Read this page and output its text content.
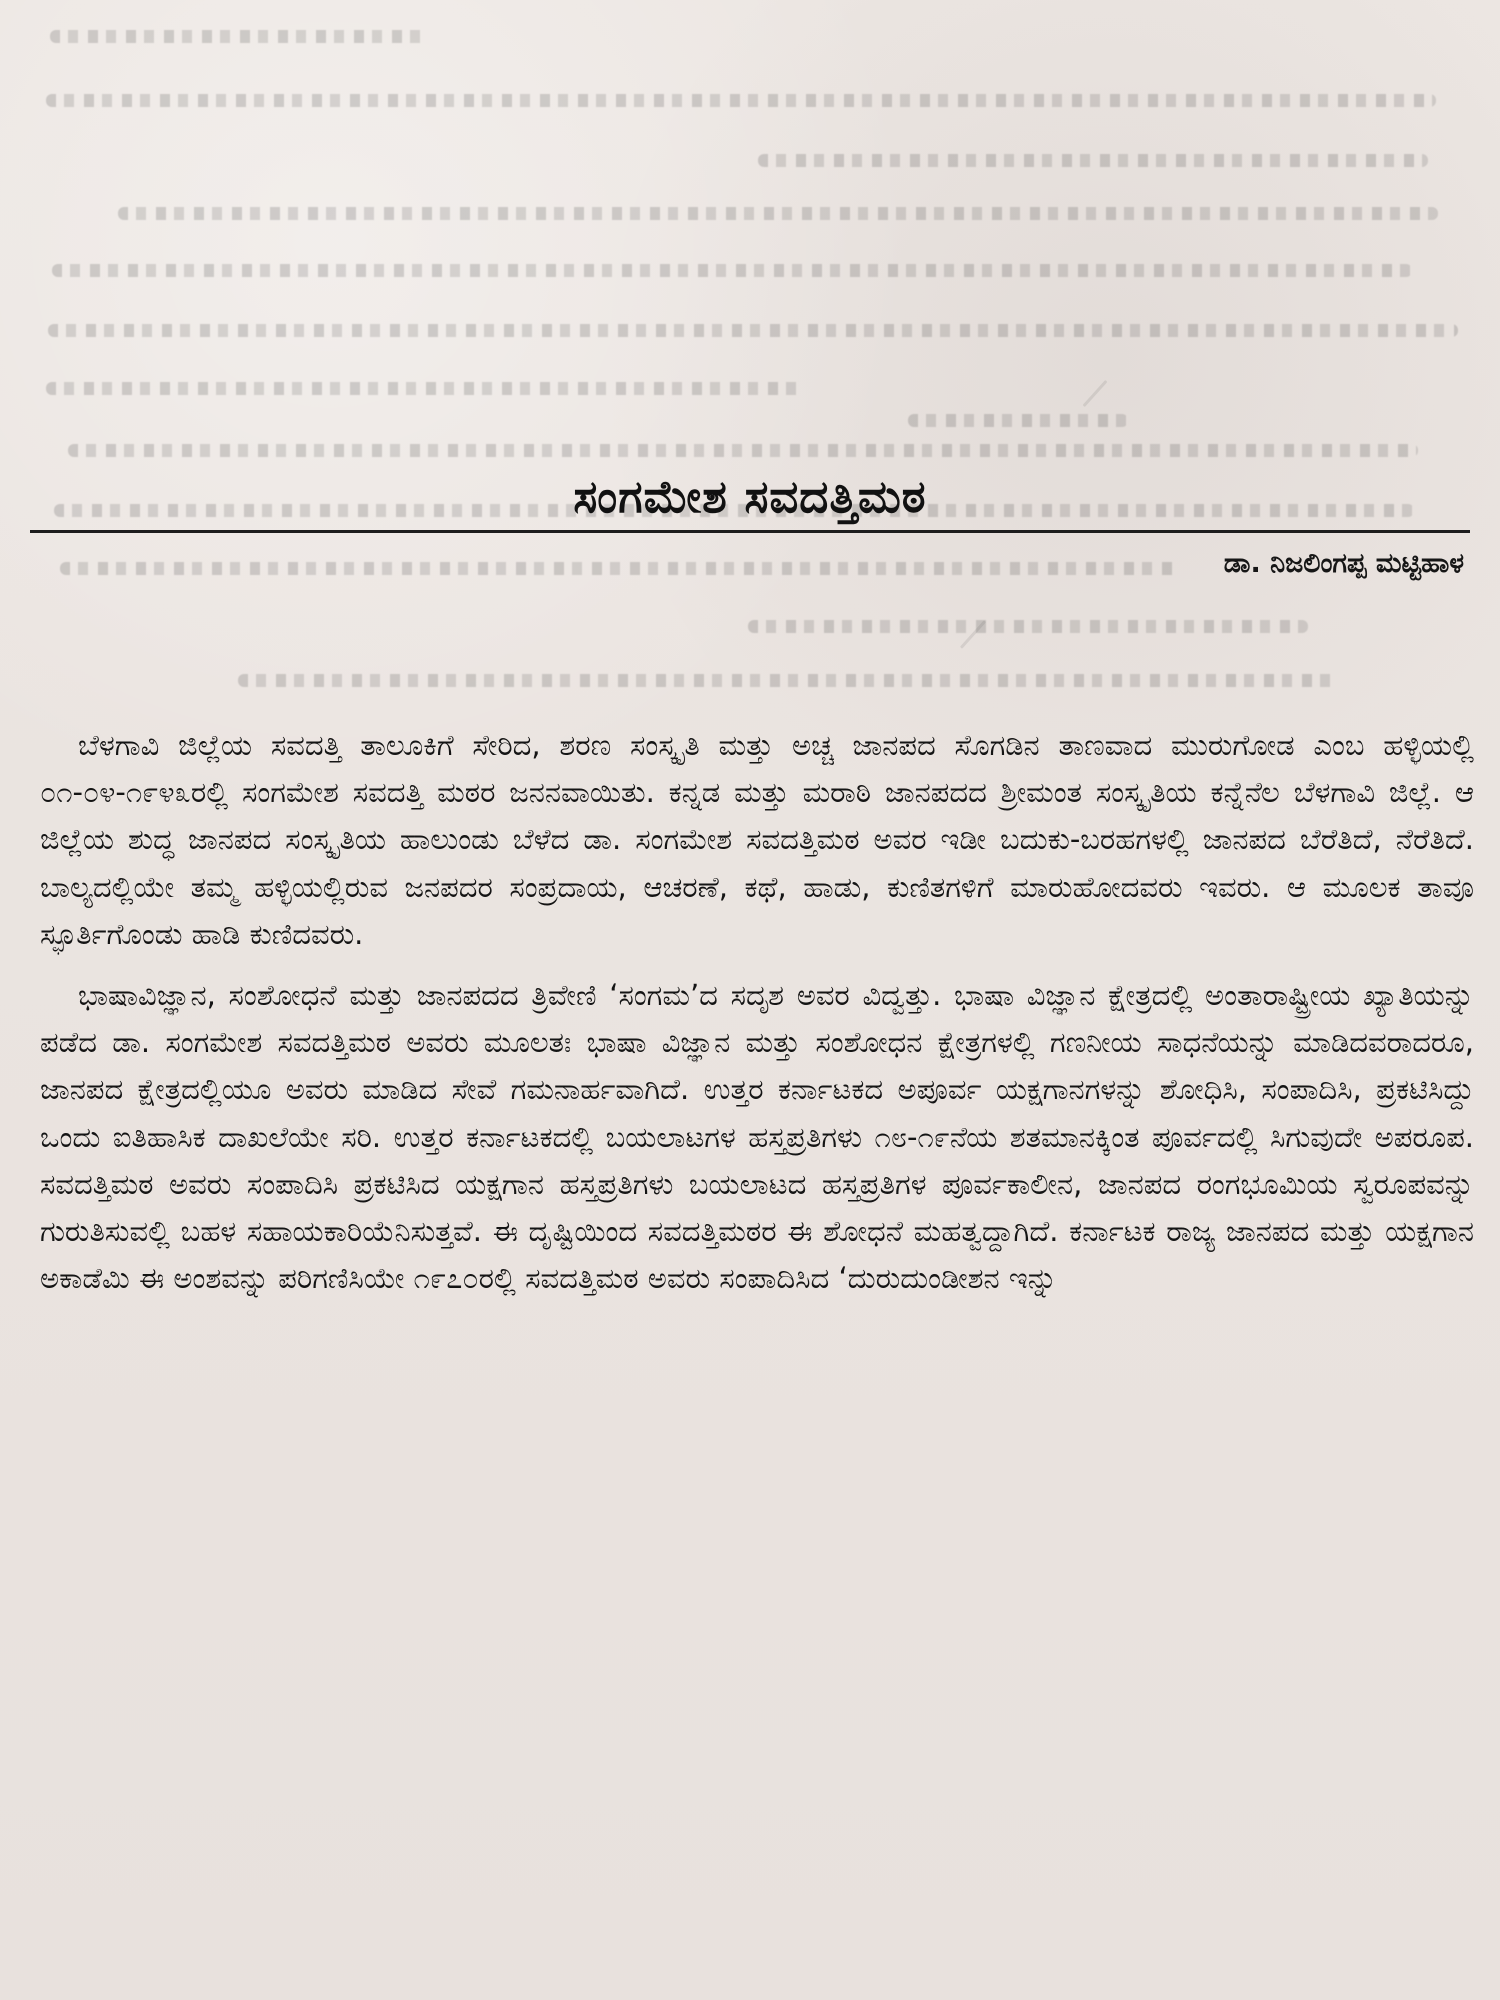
ಸಂಗಮೇಶ ಸವದತ್ತಿಮಠ
ಡಾ. ನಿಜಲಿಂಗಪ್ಪ ಮಟ್ಟಿಹಾಳ

ಬೆಳಗಾವಿ ಜಿಲ್ಲೆಯ ಸವದತ್ತಿ ತಾಲೂಕಿಗೆ ಸೇರಿದ, ಶರಣ ಸಂಸ್ಕೃತಿ ಮತ್ತು ಅಚ್ಚ ಜಾನಪದ ಸೊಗಡಿನ ತಾಣವಾದ ಮುರುಗೋಡ ಎಂಬ ಹಳ್ಳಿಯಲ್ಲಿ ೦೧-೦೪-೧೯೪೩ರಲ್ಲಿ ಸಂಗಮೇಶ ಸವದತ್ತಿ ಮಠರ ಜನನವಾಯಿತು. ಕನ್ನಡ ಮತ್ತು ಮರಾಠಿ ಜಾನಪದದ ಶ್ರೀಮಂತ ಸಂಸ್ಕೃತಿಯ ಕನ್ನೆನೆಲ ಬೆಳಗಾವಿ ಜಿಲ್ಲೆ. ಆ ಜಿಲ್ಲೆಯ ಶುದ್ಧ ಜಾನಪದ ಸಂಸ್ಕೃತಿಯ ಹಾಲುಂಡು ಬೆಳೆದ ಡಾ. ಸಂಗಮೇಶ ಸವದತ್ತಿಮಠ ಅವರ ಇಡೀ ಬದುಕು-ಬರಹಗಳಲ್ಲಿ ಜಾನಪದ ಬೆರೆತಿದೆ, ನೆರೆತಿದೆ. ಬಾಲ್ಯದಲ್ಲಿಯೇ ತಮ್ಮ ಹಳ್ಳಿಯಲ್ಲಿರುವ ಜನಪದರ ಸಂಪ್ರದಾಯ, ಆಚರಣೆ, ಕಥೆ, ಹಾಡು, ಕುಣಿತಗಳಿಗೆ ಮಾರುಹೋದವರು ಇವರು. ಆ ಮೂಲಕ ತಾವೂ ಸ್ಫೂರ್ತಿಗೊಂಡು ಹಾಡಿ ಕುಣಿದವರು.

ಭಾಷಾವಿಜ್ಞಾನ, ಸಂಶೋಧನೆ ಮತ್ತು ಜಾನಪದದ ತ್ರಿವೇಣಿ ‘ಸಂಗಮ’ದ ಸದೃಶ ಅವರ ವಿದ್ವತ್ತು. ಭಾಷಾ ವಿಜ್ಞಾನ ಕ್ಷೇತ್ರದಲ್ಲಿ ಅಂತಾರಾಷ್ಟ್ರೀಯ ಖ್ಯಾತಿಯನ್ನು ಪಡೆದ ಡಾ. ಸಂಗಮೇಶ ಸವದತ್ತಿಮಠ ಅವರು ಮೂಲತಃ ಭಾಷಾ ವಿಜ್ಞಾನ ಮತ್ತು ಸಂಶೋಧನ ಕ್ಷೇತ್ರಗಳಲ್ಲಿ ಗಣನೀಯ ಸಾಧನೆಯನ್ನು ಮಾಡಿದವರಾದರೂ, ಜಾನಪದ ಕ್ಷೇತ್ರದಲ್ಲಿಯೂ ಅವರು ಮಾಡಿದ ಸೇವೆ ಗಮನಾರ್ಹವಾಗಿದೆ. ಉತ್ತರ ಕರ್ನಾಟಕದ ಅಪೂರ್ವ ಯಕ್ಷಗಾನಗಳನ್ನು ಶೋಧಿಸಿ, ಸಂಪಾದಿಸಿ, ಪ್ರಕಟಿಸಿದ್ದು ಒಂದು ಐತಿಹಾಸಿಕ ದಾಖಲೆಯೇ ಸರಿ. ಉತ್ತರ ಕರ್ನಾಟಕದಲ್ಲಿ ಬಯಲಾಟಗಳ ಹಸ್ತಪ್ರತಿಗಳು ೧೮-೧೯ನೆಯ ಶತಮಾನಕ್ಕಿಂತ ಪೂರ್ವದಲ್ಲಿ ಸಿಗುವುದೇ ಅಪರೂಪ. ಸವದತ್ತಿಮಠ ಅವರು ಸಂಪಾದಿಸಿ ಪ್ರಕಟಿಸಿದ ಯಕ್ಷಗಾನ ಹಸ್ತಪ್ರತಿಗಳು ಬಯಲಾಟದ ಹಸ್ತಪ್ರತಿಗಳ ಪೂರ್ವಕಾಲೀನ, ಜಾನಪದ ರಂಗಭೂಮಿಯ ಸ್ವರೂಪವನ್ನು ಗುರುತಿಸುವಲ್ಲಿ ಬಹಳ ಸಹಾಯಕಾರಿಯೆನಿಸುತ್ತವೆ. ಈ ದೃಷ್ಟಿಯಿಂದ ಸವದತ್ತಿಮಠರ ಈ ಶೋಧನೆ ಮಹತ್ವದ್ದಾಗಿದೆ. ಕರ್ನಾಟಕ ರಾಜ್ಯ ಜಾನಪದ ಮತ್ತು ಯಕ್ಷಗಾನ ಅಕಾಡೆಮಿ ಈ ಅಂಶವನ್ನು ಪರಿಗಣಿಸಿಯೇ ೧೯೭೦ರಲ್ಲಿ ಸವದತ್ತಿಮಠ ಅವರು ಸಂಪಾದಿಸಿದ ‘ದುರುದುಂಡೀಶನ ಇನ್ನು
